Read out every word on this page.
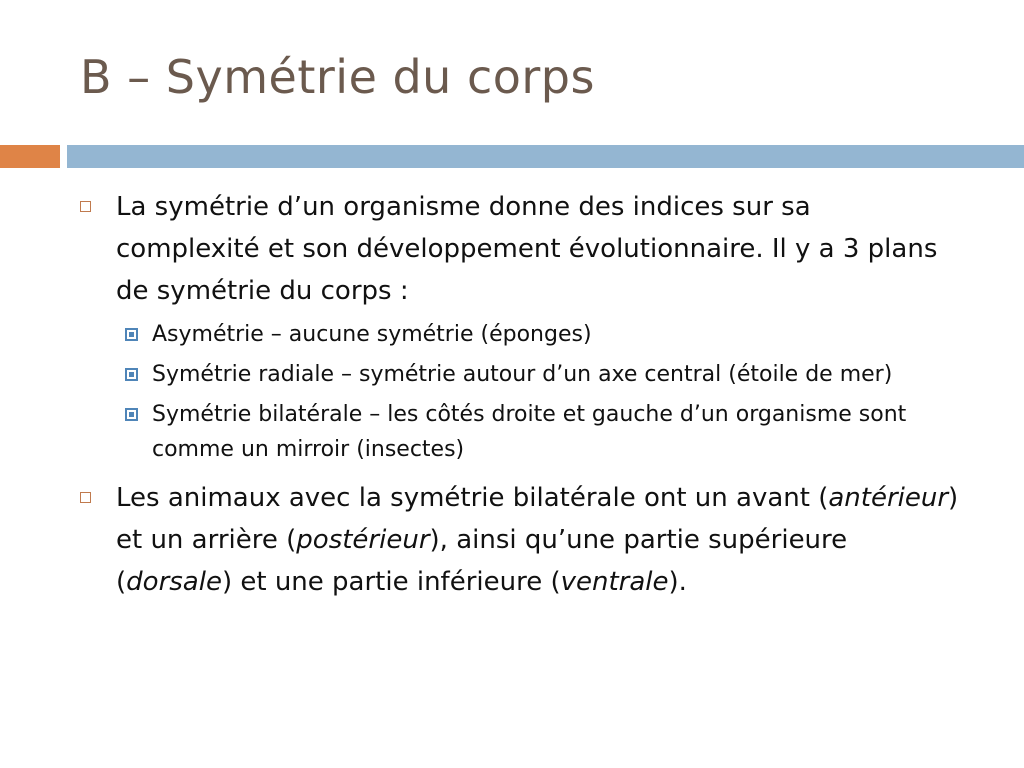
B – Symétrie du corps
La symétrie d’un organisme donne des indices sur sa complexité et son développement évolutionnaire. Il y a 3 plans de symétrie du corps :
Asymétrie – aucune symétrie (éponges)
Symétrie radiale – symétrie autour d’un axe central (étoile de mer)
Symétrie bilatérale – les côtés droite et gauche d’un organisme sont comme un mirroir (insectes)
Les animaux avec la symétrie bilatérale ont un avant (antérieur) et un arrière (postérieur), ainsi qu’une partie supérieure (dorsale) et une partie inférieure (ventrale).
